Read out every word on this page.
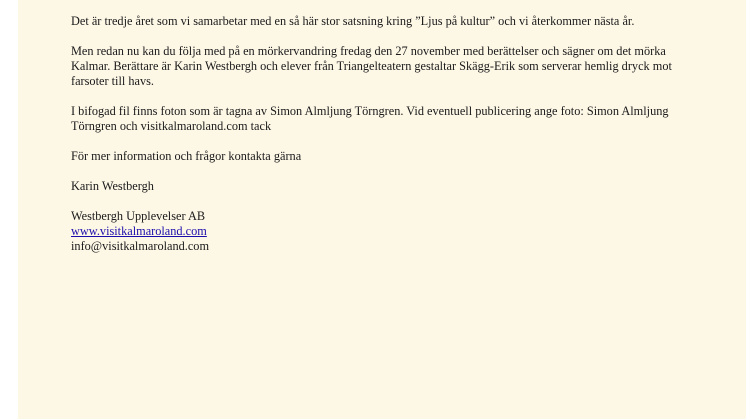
Det är tredje året som vi samarbetar med en så här stor satsning kring ”Ljus på kultur” och vi återkommer nästa år.

Men redan nu kan du följa med på en mörkervandring fredag den 27 november med berättelser och sägner om det mörka Kalmar. Berättare är Karin Westbergh och elever från Triangelteatern gestaltar Skägg-Erik som serverar hemlig dryck mot farsoter till havs.

I bifogad fil finns foton som är tagna av Simon Almljung Törngren. Vid eventuell publicering ange foto: Simon Almljung Törngren och visitkalmaroland.com tack

För mer information och frågor kontakta gärna

Karin Westbergh

Westbergh Upplevelser AB
www.visitkalmaroland.com
info@visitkalmaroland.com
